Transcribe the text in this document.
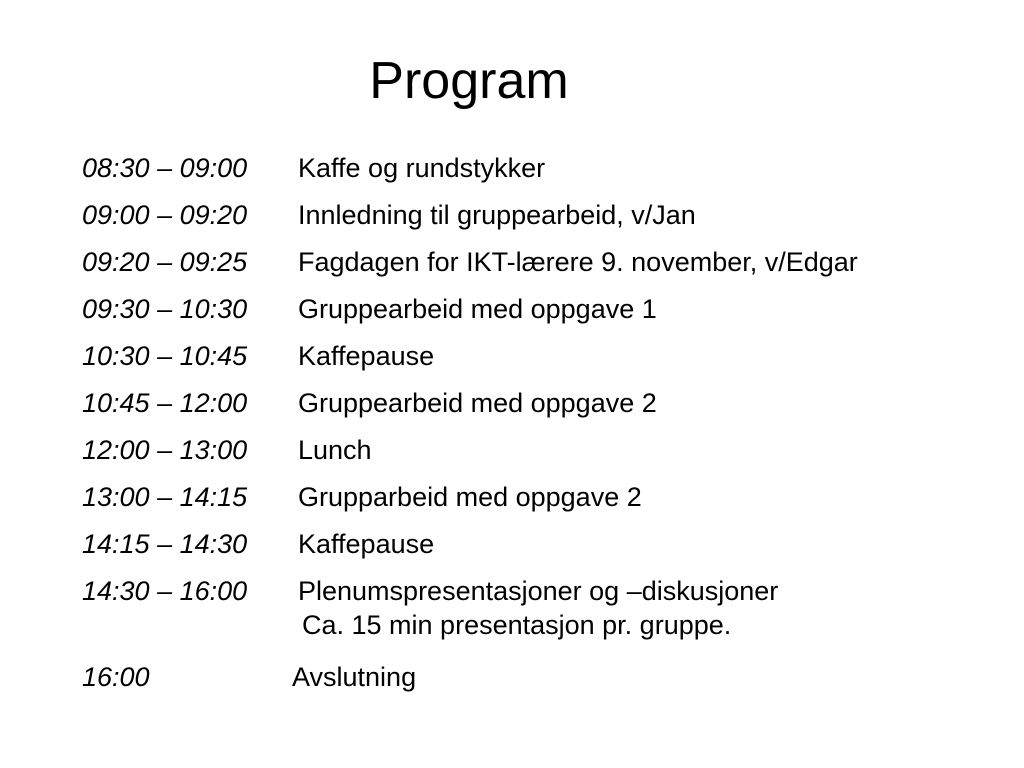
Program
08:30 – 09:00 Kaffe og rundstykker
09:00 – 09:20 Innledning til gruppearbeid, v/Jan
09:20 – 09:25 Fagdagen for IKT-lærere 9. november, v/Edgar
09:30 – 10:30 Gruppearbeid med oppgave 1
10:30 – 10:45 Kaffepause
10:45 – 12:00 Gruppearbeid med oppgave 2
12:00 – 13:00 Lunch
13:00 – 14:15 Grupparbeid med oppgave 2
14:15 – 14:30 Kaffepause
14:30 – 16:00 Plenumspresentasjoner og –diskusjoner
Ca. 15 min presentasjon pr. gruppe.
16:00	Avslutning
